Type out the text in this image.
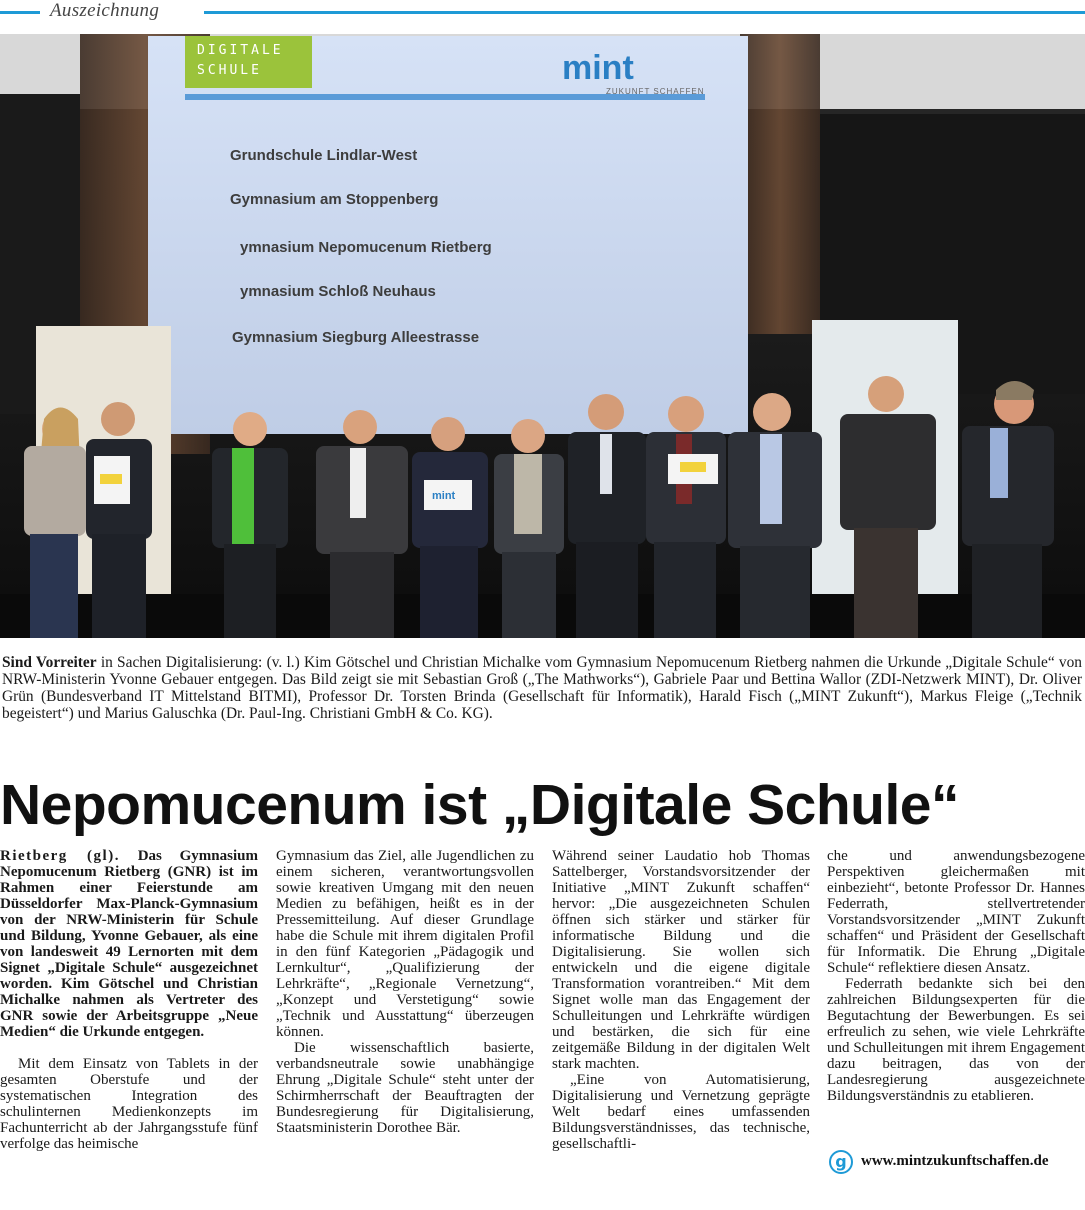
Auszeichnung
DIGITALE
SCHULE	mint
ZUKUNFT SCHAFFEN
Grundschule Lindlar-West
Gymnasium am Stoppenberg
ymnasium Nepomucenum Rietberg
ymnasium Schloß Neuhaus
Gymnasium Siegburg Alleestrasse
mint
Sind Vorreiter in Sachen Digitalisierung: (v. l.) Kim Götschel und Christian Michalke vom Gymnasium Nepomucenum Rietberg nahmen die Urkunde „Digitale Schule“ von NRW-Ministerin Yvonne Gebauer entgegen. Das Bild zeigt sie mit Sebastian Groß („The Mathworks“), Gabriele Paar und Bettina Wallor (ZDI-Netzwerk MINT), Dr. Oliver Grün (Bundesverband IT Mittelstand BITMI), Professor Dr. Torsten Brinda (Gesellschaft für Informatik), Harald Fisch („MINT Zukunft“), Markus Fleige („Technik begeistert“) und Marius Galuschka (Dr. Paul-Ing. Christiani GmbH & Co. KG).
Nepomucenum ist „Digitale Schule“

Rietberg (gl). Das Gymnasium Nepomucenum Rietberg (GNR) ist im Rahmen einer Feierstunde am Düsseldorfer Max-Planck-Gymnasium von der NRW-Ministerin für Schule und Bildung, Yvonne Gebauer, als eine von landesweit 49 Lernorten mit dem Signet „Digitale Schule“ ausgezeichnet worden. Kim Götschel und Christian Michalke nahmen als Vertreter des GNR sowie der Arbeitsgruppe „Neue Medien“ die Urkunde entgegen.

Mit dem Einsatz von Tablets in der gesamten Oberstufe und der systematischen Integration des schulinternen Medienkonzepts im Fachunterricht ab der Jahrgangsstufe fünf verfolge das heimische

Gymnasium das Ziel, alle Jugendlichen zu einem sicheren, verantwortungsvollen sowie kreativen Umgang mit den neuen Medien zu befähigen, heißt es in der Pressemitteilung. Auf dieser Grundlage habe die Schule mit ihrem digitalen Profil in den fünf Kategorien „Pädagogik und Lernkultur“, „Qualifizierung der Lehrkräfte“, „Regionale Vernetzung“, „Konzept und Verstetigung“ sowie „Technik und Ausstattung“ überzeugen können.

Die wissenschaftlich basierte, verbandsneutrale sowie unabhängige Ehrung „Digitale Schule“ steht unter der Schirmherrschaft der Beauftragten der Bundesregierung für Digitalisierung, Staatsministerin Dorothee Bär.

Während seiner Laudatio hob Thomas Sattelberger, Vorstandsvorsitzender der Initiative „MINT Zukunft schaffen“ hervor: „Die ausgezeichneten Schulen öffnen sich stärker und stärker für informatische Bildung und die Digitalisierung. Sie wollen sich entwickeln und die eigene digitale Transformation vorantreiben.“ Mit dem Signet wolle man das Engagement der Schulleitungen und Lehrkräfte würdigen und bestärken, die sich für eine zeitgemäße Bildung in der digitalen Welt stark machten.

„Eine von Automatisierung, Digitalisierung und Vernetzung geprägte Welt bedarf eines umfassenden Bildungsverständnisses, das technische, gesellschaftli-

che und anwendungsbezogene Perspektiven gleichermaßen mit einbezieht“, betonte Professor Dr. Hannes Federrath, stellvertretender Vorstandsvorsitzender „MINT Zukunft schaffen“ und Präsident der Gesellschaft für Informatik. Die Ehrung „Digitale Schule“ reflektiere diesen Ansatz.

Federrath bedankte sich bei den zahlreichen Bildungsexperten für die Begutachtung der Bewerbungen. Es sei erfreulich zu sehen, wie viele Lehrkräfte und Schulleitungen mit ihrem Engagement dazu beitragen, das von der Landesregierung ausgezeichnete Bildungsverständnis zu etablieren.

g www.mintzukunftschaffen.de
